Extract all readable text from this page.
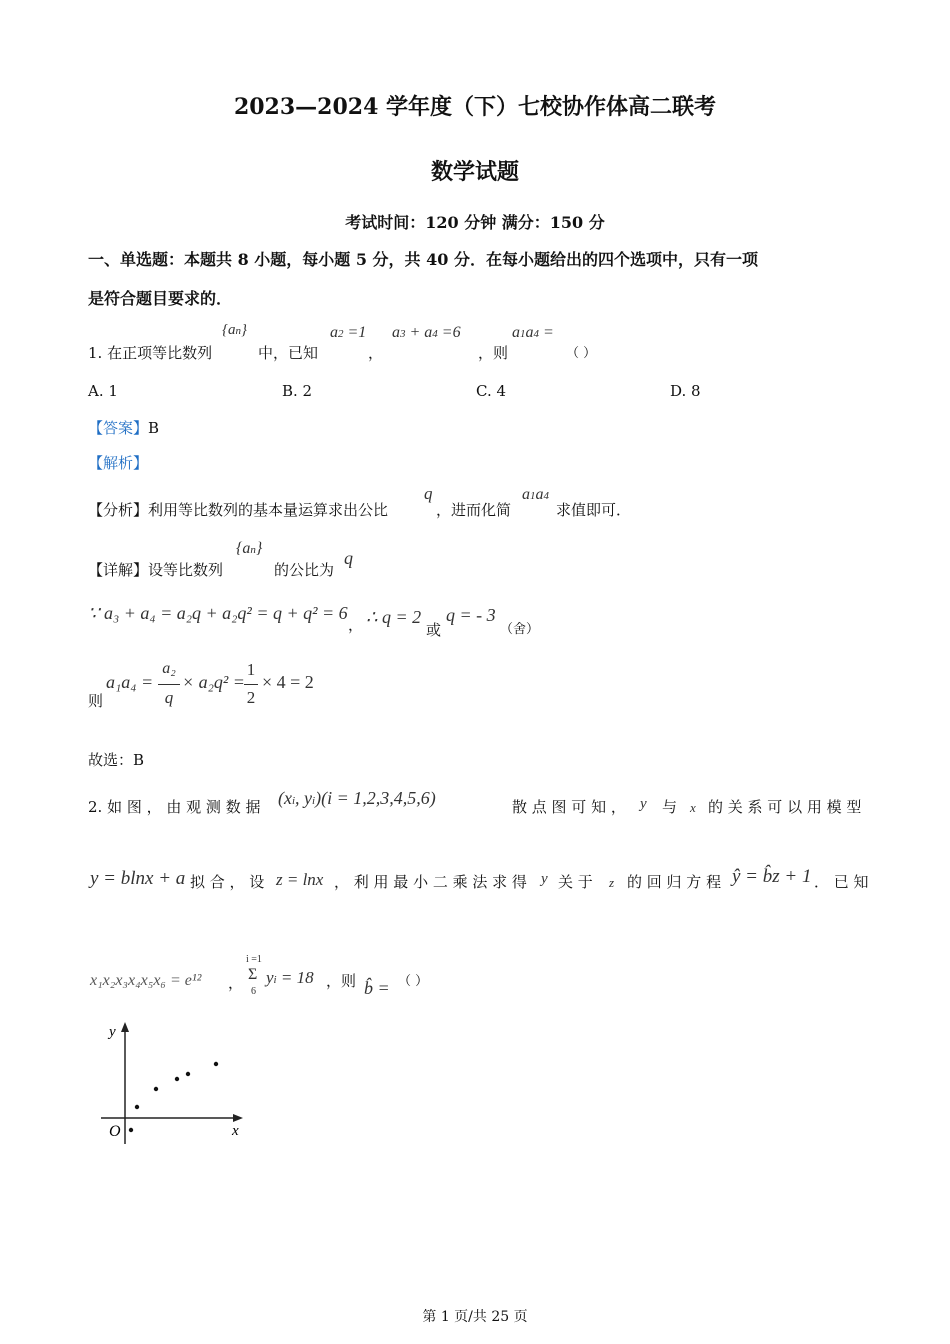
2023—2024 学年度（下）七校协作体高二联考
数学试题
考试时间：120 分钟 满分：150 分
一、单选题：本题共 8 小题，每小题 5 分，共 40 分．在每小题给出的四个选项中，只有一项
是符合题目要求的．
1. 在正项等比数列
{an}
中，已知
a2 =1
，
a3 + a4 =6
，则
a1a4 =
（ ）
A. 1	B. 2	C. 4	D. 8
【答案】B
【解析】
【分析】利用等比数列的基本量运算求出公比
q
，进而化简
a1a4
求值即可．
【详解】设等比数列
{an}
的公比为
q
∵ a₃ + a₄ = a₂q + a₂q² = q + q² = 6
， ∴ q = 2
或
q = - 3
（舍）
则
a₁a₄ =
a₂
q
× a₂q² =
1
2
× 4 = 2
故选：B
2. 如 图 ， 由 观 测 数 据 (xi, yi)(i = 1,2,3,4,5,6)	散 点 图 可 知 ， y 与 x 的 关 系 可 以 用 模 型
y = blnx + a 拟 合 ， 设 z = lnx ， 利 用 最 小 二 乘 法 求 得 y 关 于 z 的 回 归 方 程 ŷ = b̂z + 1 ． 已 知
x₁x₂x₃x₄x₅x₆ = e¹² ，
i =1
Σ
6
yi = 18 ，则 b̂ = （ ）
y
x
O
第 1 页/共 25 页
